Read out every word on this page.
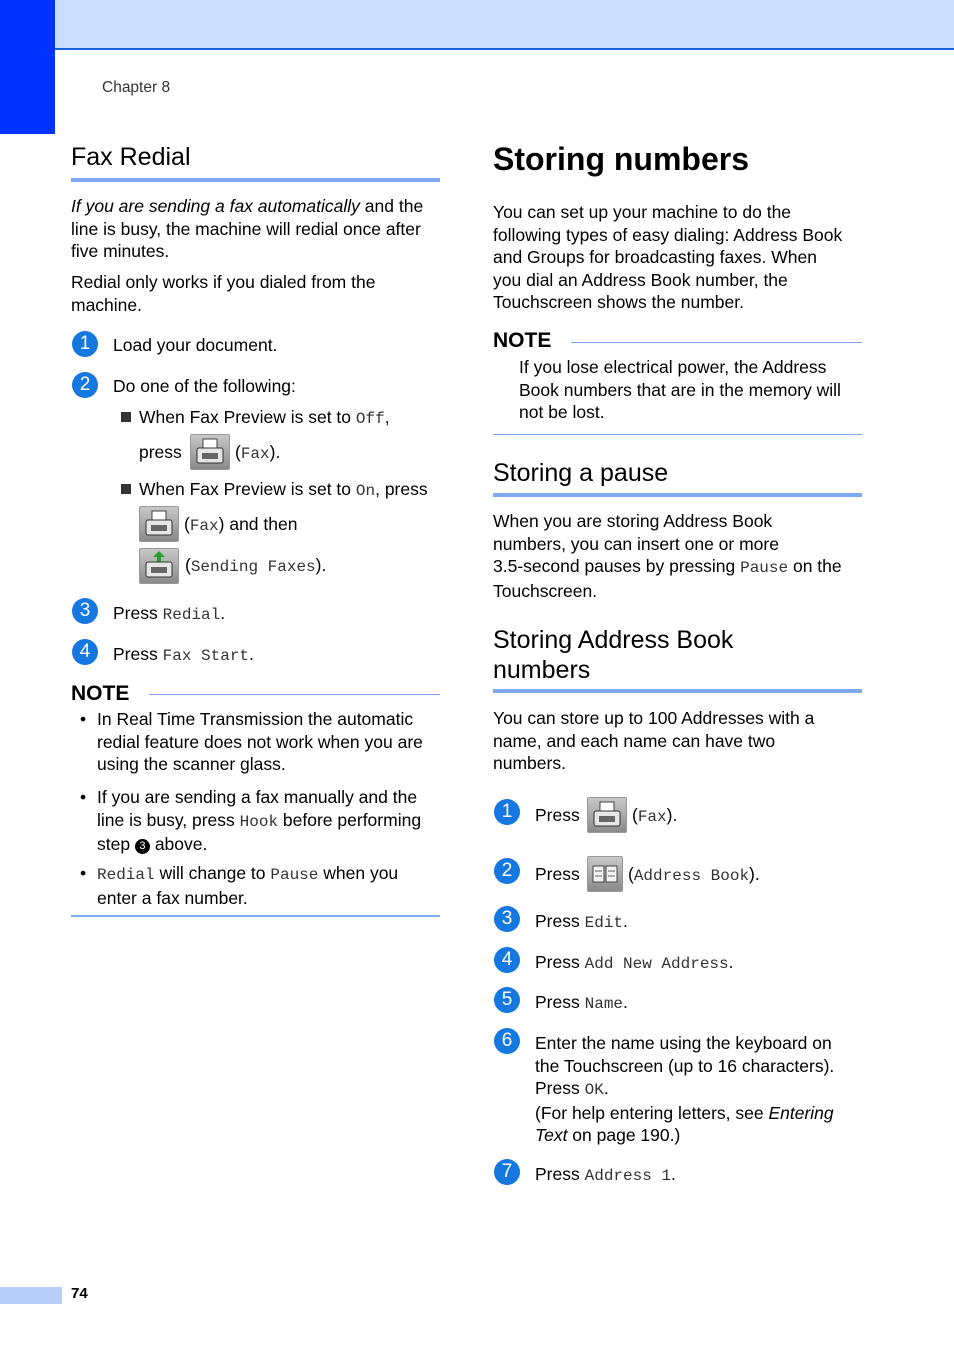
Chapter 8
Fax Redial

If you are sending a fax automatically and the

line is busy, the machine will redial once after

five minutes.

Redial only works if you dialed from the

machine.

1	Load your document.
2	Do one of the following:
When Fax Preview is set to Off,
press	(Fax).
When Fax Preview is set to On, press
(Fax) and then
(Sending Faxes).
3	Press Redial.
4	Press Fax Start.
NOTE
• In Real Time Transmission the automatic

redial feature does not work when you are

using the scanner glass.

• If you are sending a fax manually and the

line is busy, press Hook before performing

step 3 above.

• Redial will change to Pause when you

enter a fax number.

Storing numbers

You can set up your machine to do the

following types of easy dialing: Address Book

and Groups for broadcasting faxes. When

you dial an Address Book number, the

Touchscreen shows the number.

NOTE

If you lose electrical power, the Address

Book numbers that are in the memory will

not be lost.

Storing a pause

When you are storing Address Book

numbers, you can insert one or more

3.5-second pauses by pressing Pause on the

Touchscreen.

Storing Address Book
numbers

You can store up to 100 Addresses with a

name, and each name can have two

numbers.

1	Press	(Fax).
2	Press	(Address Book).
3	Press Edit.
4	Press Add New Address.
5	Press Name.
6	Enter the name using the keyboard on

the Touchscreen (up to 16 characters).

Press OK.

(For help entering letters, see Entering

Text on page 190.)

7	Press Address 1.
74
